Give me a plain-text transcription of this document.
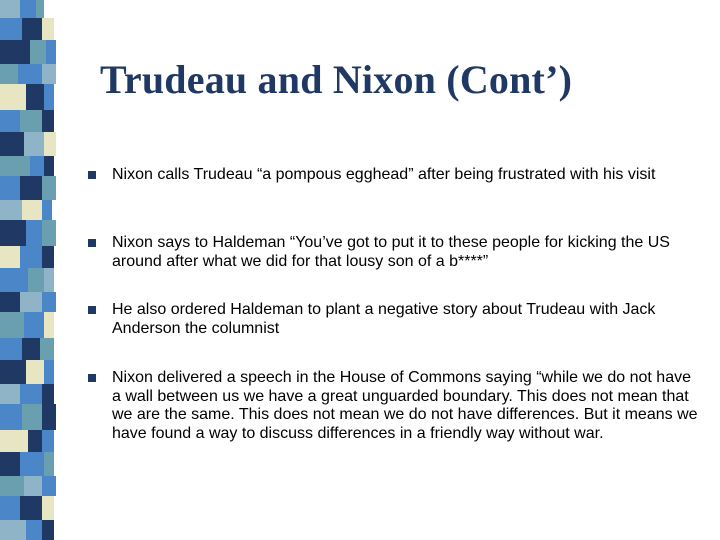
Trudeau and Nixon (Cont’)
Nixon calls Trudeau “a pompous egghead” after being frustrated with his visit
Nixon says to Haldeman “You’ve got to put it to these people for kicking the US around after what we did for that lousy son of a b****”
He also ordered Haldeman to plant a negative story about Trudeau with Jack Anderson the columnist
Nixon delivered a speech in the House of Commons saying “while we do not have a wall between us we have a great unguarded boundary. This does not mean that we are the same. This does not mean we do not have differences. But it means we have found a way to discuss differences in a friendly way without war.
